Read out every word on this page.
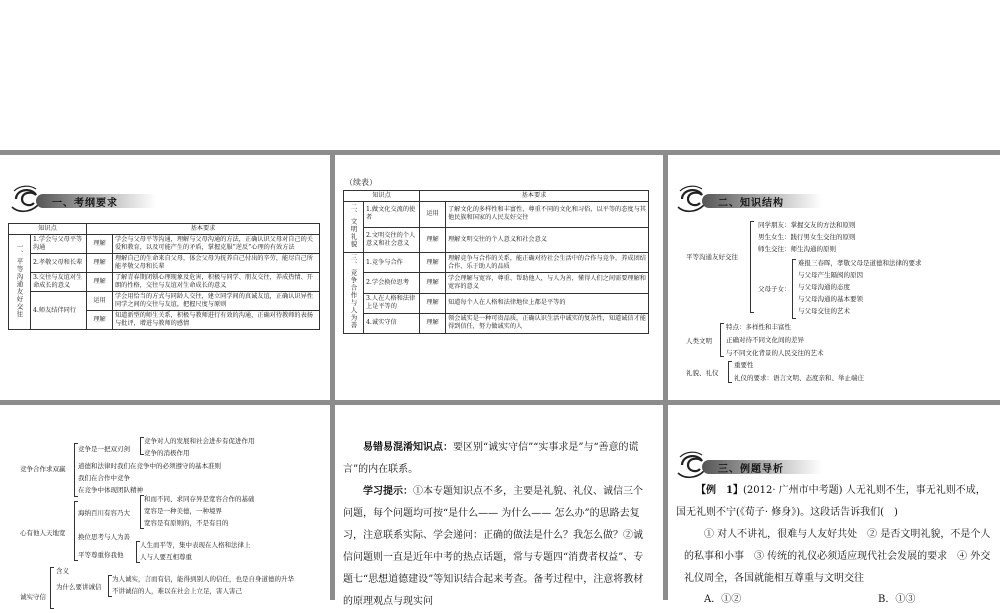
一、考纲要求
知识点		基本要求	
一、平等沟通友好交往	1.学会与父母平等沟通	理解	学会与父母平等沟通，理解与父母沟通的方法，正确认识父母对自己的关爱和教育，以及可能产生的矛盾，掌握克服“逆反”心理的有效方法
	2.孝敬父母和长辈	理解	理解自己的生命来自父母，体会父母为抚养自己付出的辛劳，能尽自己所能孝敬父母和长辈
	3.交往与友谊对生命成长的意义	理解	了解青春期闭锁心理现象及危害，积极与同学、朋友交往，养成热情、开朗的性格，交往与友谊对生命成长的意义
	4.师友结伴同行	运用	学会用恰当的方式与同龄人交往，建立同学间的真诚友谊，正确认识异性同学之间的交往与友谊，把握尺度与原则
		理解	知道新型的师生关系，积极与教师进行有效的沟通，正确对待教师的表扬与批评，增进与教师的感情
（续表）
知识点		基本要求	
二、文明礼貌	1.做文化交流的使者	运用	了解文化的多样性和丰富性，尊重不同的文化和习俗，以平等的态度与其他民族和国家的人民友好交往
	2.文明交往的个人意义和社会意义	理解	理解文明交往的个人意义和社会意义
三、竞争合作与人为善	1.竞争与合作	理解	理解竞争与合作的关系，能正确对待社会生活中的合作与竞争，养成团结合作、乐于助人的品质
	2.学会换位思考	理解	学会理解与宽容，尊重、帮助他人，与人为善，懂得人们之间需要理解和宽容的意义
	3.人在人格和法律上是平等的	理解	知道每个人在人格和法律地位上都是平等的
	4.诚实守信	理解	领会诚实是一种可贵品质，正确认识生活中诚实的复杂性，知道诚信才能得到信任，努力做诚实的人
二、知识结构
平等沟通友好交往
同学朋友：掌握交友的方法和原则
男生女生：践行男女生交往的原则
师生交往：师生沟通的原则
父母子女：
难报三春晖，孝敬父母是道德和法律的要求
与父母产生隔阂的原因
与父母沟通的态度
与父母沟通的基本要领
与父母交往的艺术
人类文明
特点：多样性和丰富性
正确对待不同文化间的差异
与不同文化背景的人民交往的艺术
礼貌、礼仪
重要性
礼仪的要求：语言文明、态度亲和、举止端庄
竞争合作求双赢
竞争是一把双刃剑
竞争对人的发展和社会进步有促进作用
竞争的消极作用
道德和法律时我们在竞争中的必须遵守的基本准则
我们在合作中竞争
在竞争中体现团队精神
心有他人天地宽
海纳百川有容乃大
和而不同、求同存异是宽容合作的基础
宽容是一种美德，一种境界
宽容是有原则的，不是有目的
换位思考与人为善
平等尊重你我他
人生而平等，集中表现在人格和法律上
人与人要互相尊重
诚实守信
含义
为什么要讲诚信
为人诚实，言而有信，能得到别人的信任，也是自身道德的升华
不讲诚信的人，难以在社会上立足，害人害己
易错易混淆知识点：要区别“诚实守信”“实事求是”与“善意的谎言”的内在联系。
学习提示：①本专题知识点不多，主要是礼貌、礼仪、诚信三个问题，每个问题均可按“是什么—— 为什么—— 怎么办”的思路去复习，注意联系实际、学会递问：正确的做法是什么？我怎么做？②诚信问题则一直是近年中考的热点话题，常与专题四“消费者权益”、专题七“思想道德建设”等知识结合起来考查。备考过程中，注意将教材的原理观点与现实问
三、例题导析
【例　1】(2012· 广州市中考题) 人无礼则不生，事无礼则不成，国无礼则不宁(《荀子· 修身》)。这段话告诉我们(　)
① 对人不讲礼，很难与人友好共处　② 是否文明礼貌，不是个人的私事和小事　③ 传统的礼仪必须适应现代社会发展的要求　④ 外交礼仪周全，各国就能相互尊重与文明交往
A．①②	B．①③
